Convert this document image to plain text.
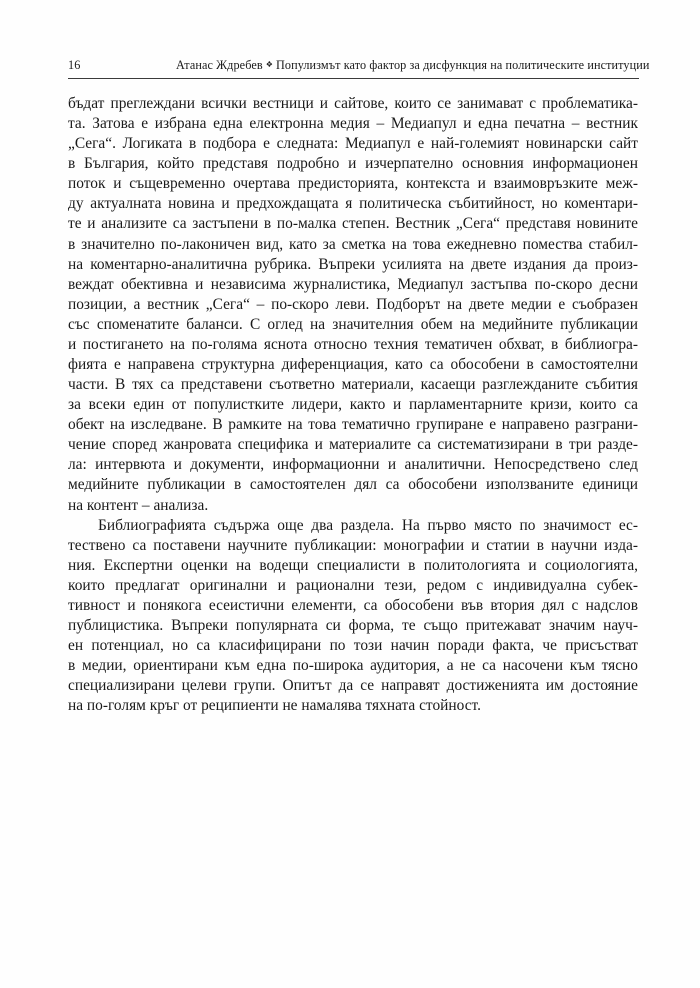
16	Атанас Ждребев ❖ Популизмът като фактор за дисфункция на политическите институции
бъдат преглеждани всички вестници и сайтове, които се занимават с проблематика-
та. Затова е избрана една електронна медия – Медиапул и една печатна – вестник
„Сега“. Логиката в подбора е следната: Медиапул е най-големият новинарски сайт
в България, който представя подробно и изчерпателно основния информационен
поток и същевременно очертава предисторията, контекста и взаимовръзките меж-
ду актуалната новина и предхождащата я политическа събитийност, но коментари-
те и анализите са застъпени в по-малка степен. Вестник „Сега“ представя новините
в значително по-лаконичен вид, като за сметка на това ежедневно помества стабил-
на коментарно-аналитична рубрика. Въпреки усилията на двете издания да произ-
веждат обективна и независима журналистика, Медиапул застъпва по-скоро десни
позиции, а вестник „Сега“ – по-скоро леви. Подборът на двете медии е съобразен
със споменатите баланси. С оглед на значителния обем на медийните публикации
и постигането на по-голяма яснота относно техния тематичен обхват, в библиогра-
фията е направена структурна диференциация, като са обособени в самостоятелни
части. В тях са представени съответно материали, касаещи разглежданите събития
за всеки един от популистките лидери, както и парламентарните кризи, които са
обект на изследване. В рамките на това тематично групиране е направено разграни-
чение според жанровата специфика и материалите са систематизирани в три разде-
ла: интервюта и документи, информационни и аналитични. Непосредствено след
медийните публикации в самостоятелен дял са обособени използваните единици
на контент – анализа.
Библиографията съдържа още два раздела. На първо място по значимост ес-
тествено са поставени научните публикации: монографии и статии в научни изда-
ния. Експертни оценки на водещи специалисти в политологията и социологията,
които предлагат оригинални и рационални тези, редом с индивидуална субек-
тивност и понякога есеистични елементи, са обособени във втория дял с надслов
публицистика. Въпреки популярната си форма, те също притежават значим науч-
ен потенциал, но са класифицирани по този начин поради факта, че присъстват
в медии, ориентирани към една по-широка аудитория, а не са насочени към тясно
специализирани целеви групи. Опитът да се направят достиженията им достояние
на по-голям кръг от реципиенти не намалява тяхната стойност.
